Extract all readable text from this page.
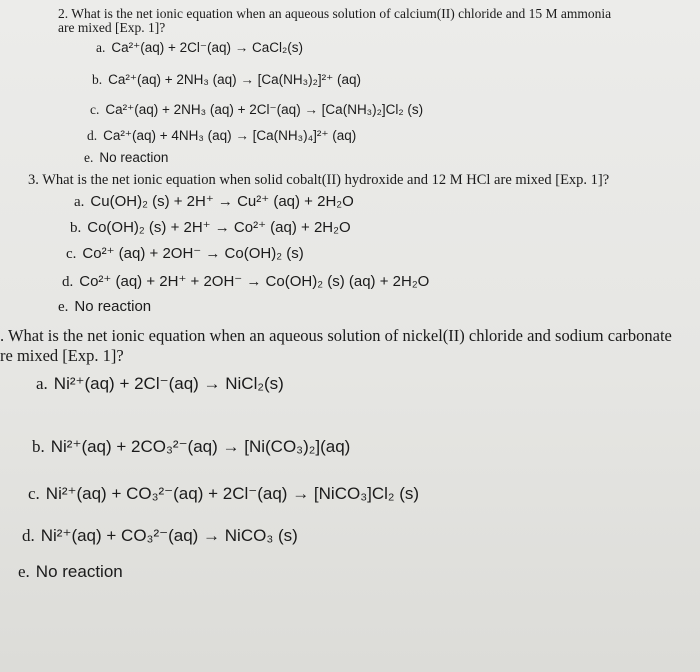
2. What is the net ionic equation when an aqueous solution of calcium(II) chloride and 15 M ammonia
are mixed [Exp. 1]?
a. Ca²⁺(aq) + 2Cl⁻(aq) → CaCl₂(s)
b. Ca²⁺(aq) + 2NH₃ (aq) → [Ca(NH₃)₂]²⁺ (aq)
c. Ca²⁺(aq) + 2NH₃ (aq) + 2Cl⁻(aq) → [Ca(NH₃)₂]Cl₂ (s)
d. Ca²⁺(aq) + 4NH₃ (aq) → [Ca(NH₃)₄]²⁺ (aq)
e. No reaction
3. What is the net ionic equation when solid cobalt(II) hydroxide and 12 M HCl are mixed [Exp. 1]?
a. Cu(OH)₂ (s) + 2H⁺ → Cu²⁺ (aq) + 2H₂O
b. Co(OH)₂ (s) + 2H⁺ → Co²⁺ (aq) + 2H₂O
c. Co²⁺ (aq) + 2OH⁻ → Co(OH)₂ (s)
d. Co²⁺ (aq) + 2H⁺ + 2OH⁻ → Co(OH)₂ (s) (aq) + 2H₂O
e. No reaction
. What is the net ionic equation when an aqueous solution of nickel(II) chloride and sodium carbonate
re mixed [Exp. 1]?
a. Ni²⁺(aq) + 2Cl⁻(aq) → NiCl₂(s)
b. Ni²⁺(aq) + 2CO₃²⁻(aq) → [Ni(CO₃)₂](aq)
c. Ni²⁺(aq) + CO₃²⁻(aq) + 2Cl⁻(aq) → [NiCO₃]Cl₂ (s)
d. Ni²⁺(aq) + CO₃²⁻(aq) → NiCO₃ (s)
e. No reaction
